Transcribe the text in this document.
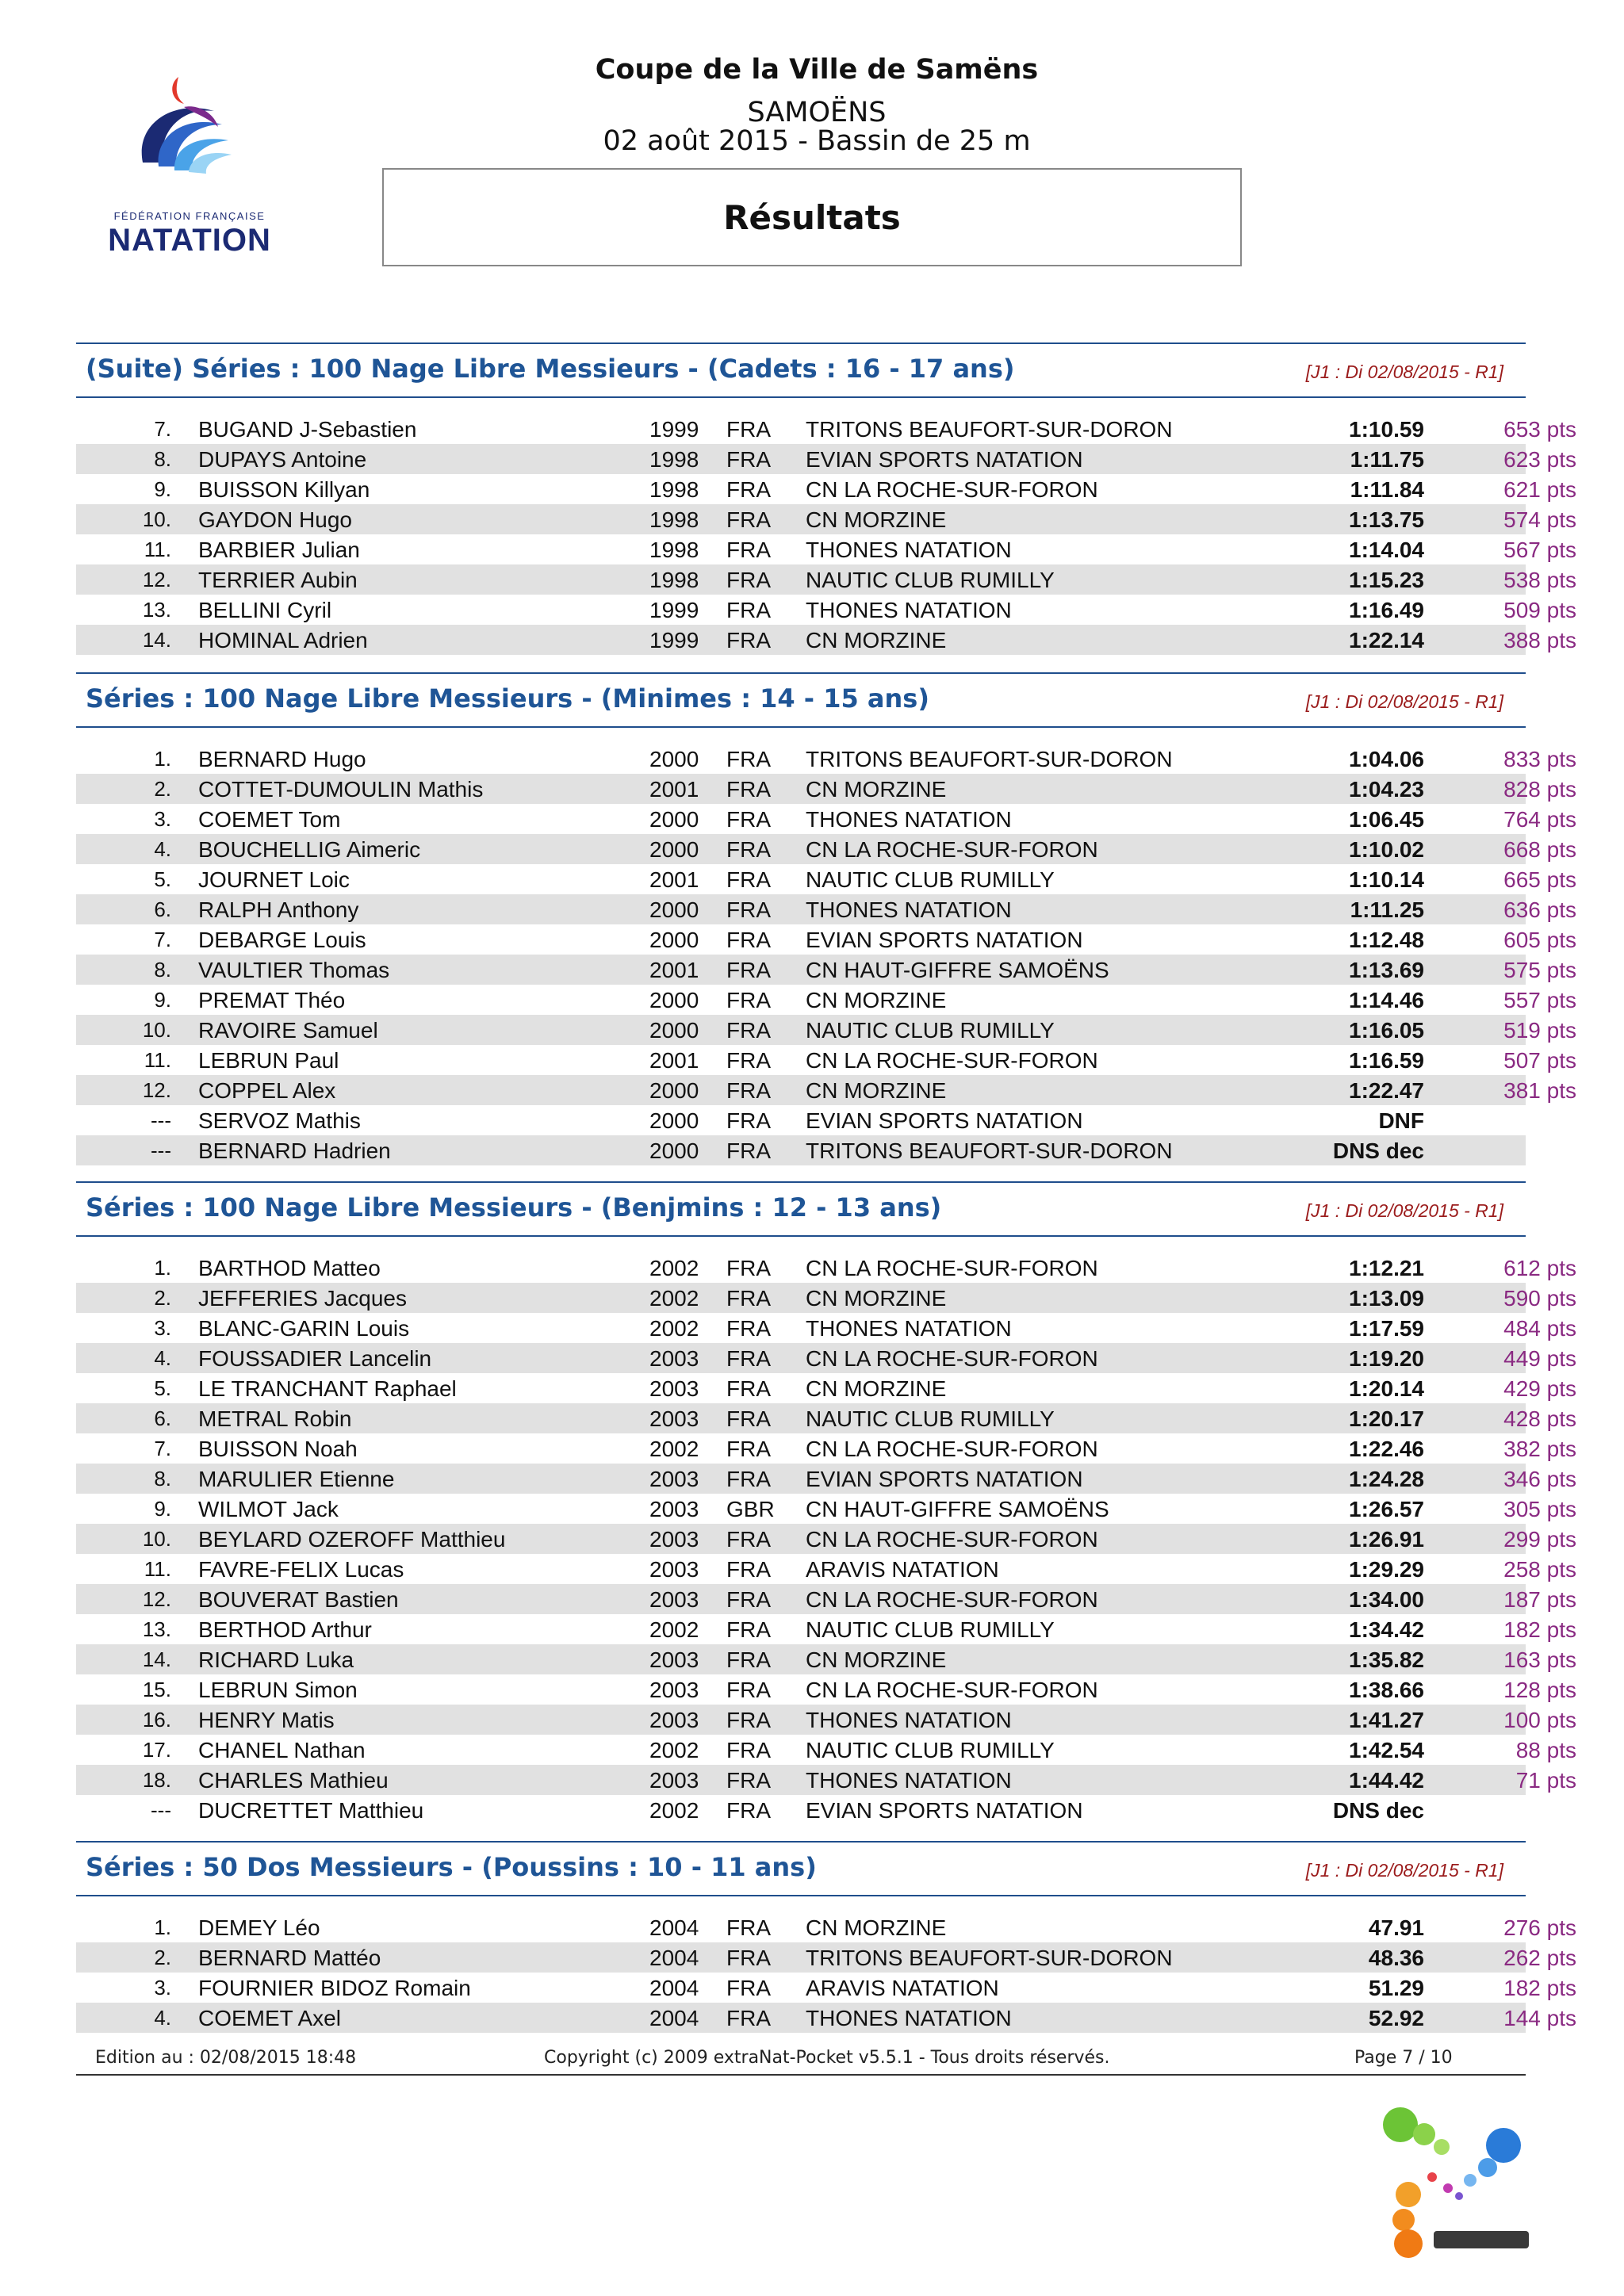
FÉDÉRATION FRANÇAISE
NATATION
Coupe de la Ville de Samëns
SAMOËNS
02 août 2015 - Bassin de 25 m
Résultats
(Suite) Séries : 100 Nage Libre Messieurs - (Cadets : 16 - 17 ans)	[J1 : Di 02/08/2015 - R1]
7. BUGAND J-Sebastien	1999 FRA TRITONS BEAUFORT-SUR-DORON	1:10.59	653 pts
8. DUPAYS Antoine	1998 FRA EVIAN SPORTS NATATION	1:11.75	623 pts
9. BUISSON Killyan	1998 FRA CN LA ROCHE-SUR-FORON	1:11.84	621 pts
10. GAYDON Hugo	1998 FRA CN MORZINE	1:13.75	574 pts
11. BARBIER Julian	1998 FRA THONES NATATION	1:14.04	567 pts
12. TERRIER Aubin	1998 FRA NAUTIC CLUB RUMILLY	1:15.23	538 pts
13. BELLINI Cyril	1999 FRA THONES NATATION	1:16.49	509 pts
14. HOMINAL Adrien	1999 FRA CN MORZINE	1:22.14	388 pts
Séries : 100 Nage Libre Messieurs - (Minimes : 14 - 15 ans)	[J1 : Di 02/08/2015 - R1]
1. BERNARD Hugo	2000 FRA TRITONS BEAUFORT-SUR-DORON	1:04.06	833 pts
2. COTTET-DUMOULIN Mathis	2001 FRA CN MORZINE	1:04.23	828 pts
3. COEMET Tom	2000 FRA THONES NATATION	1:06.45	764 pts
4. BOUCHELLIG Aimeric	2000 FRA CN LA ROCHE-SUR-FORON	1:10.02	668 pts
5. JOURNET Loic	2001 FRA NAUTIC CLUB RUMILLY	1:10.14	665 pts
6. RALPH Anthony	2000 FRA THONES NATATION	1:11.25	636 pts
7. DEBARGE Louis	2000 FRA EVIAN SPORTS NATATION	1:12.48	605 pts
8. VAULTIER Thomas	2001 FRA CN HAUT-GIFFRE SAMOËNS	1:13.69	575 pts
9. PREMAT Théo	2000 FRA CN MORZINE	1:14.46	557 pts
10. RAVOIRE Samuel	2000 FRA NAUTIC CLUB RUMILLY	1:16.05	519 pts
11. LEBRUN Paul	2001 FRA CN LA ROCHE-SUR-FORON	1:16.59	507 pts
12. COPPEL Alex	2000 FRA CN MORZINE	1:22.47	381 pts
--- SERVOZ Mathis	2000 FRA EVIAN SPORTS NATATION	DNF
--- BERNARD Hadrien	2000 FRA TRITONS BEAUFORT-SUR-DORON	DNS dec
Séries : 100 Nage Libre Messieurs - (Benjmins : 12 - 13 ans)	[J1 : Di 02/08/2015 - R1]
1. BARTHOD Matteo	2002 FRA CN LA ROCHE-SUR-FORON	1:12.21	612 pts
2. JEFFERIES Jacques	2002 FRA CN MORZINE	1:13.09	590 pts
3. BLANC-GARIN Louis	2002 FRA THONES NATATION	1:17.59	484 pts
4. FOUSSADIER Lancelin	2003 FRA CN LA ROCHE-SUR-FORON	1:19.20	449 pts
5. LE TRANCHANT Raphael	2003 FRA CN MORZINE	1:20.14	429 pts
6. METRAL Robin	2003 FRA NAUTIC CLUB RUMILLY	1:20.17	428 pts
7. BUISSON Noah	2002 FRA CN LA ROCHE-SUR-FORON	1:22.46	382 pts
8. MARULIER Etienne	2003 FRA EVIAN SPORTS NATATION	1:24.28	346 pts
9. WILMOT Jack	2003 GBR CN HAUT-GIFFRE SAMOËNS	1:26.57	305 pts
10. BEYLARD OZEROFF Matthieu	2003 FRA CN LA ROCHE-SUR-FORON	1:26.91	299 pts
11. FAVRE-FELIX Lucas	2003 FRA ARAVIS NATATION	1:29.29	258 pts
12. BOUVERAT Bastien	2003 FRA CN LA ROCHE-SUR-FORON	1:34.00	187 pts
13. BERTHOD Arthur	2002 FRA NAUTIC CLUB RUMILLY	1:34.42	182 pts
14. RICHARD Luka	2003 FRA CN MORZINE	1:35.82	163 pts
15. LEBRUN Simon	2003 FRA CN LA ROCHE-SUR-FORON	1:38.66	128 pts
16. HENRY Matis	2003 FRA THONES NATATION	1:41.27	100 pts
17. CHANEL Nathan	2002 FRA NAUTIC CLUB RUMILLY	1:42.54	88 pts
18. CHARLES Mathieu	2003 FRA THONES NATATION	1:44.42	71 pts
--- DUCRETTET Matthieu	2002 FRA EVIAN SPORTS NATATION	DNS dec
Séries : 50 Dos Messieurs - (Poussins : 10 - 11 ans)	[J1 : Di 02/08/2015 - R1]
1. DEMEY Léo	2004 FRA CN MORZINE	47.91	276 pts
2. BERNARD Mattéo	2004 FRA TRITONS BEAUFORT-SUR-DORON	48.36	262 pts
3. FOURNIER BIDOZ Romain	2004 FRA ARAVIS NATATION	51.29	182 pts
4. COEMET Axel	2004 FRA THONES NATATION	52.92	144 pts
Edition au : 02/08/2015 18:48	Copyright (c) 2009 extraNat-Pocket v5.5.1 - Tous droits réservés.	Page 7 / 10
